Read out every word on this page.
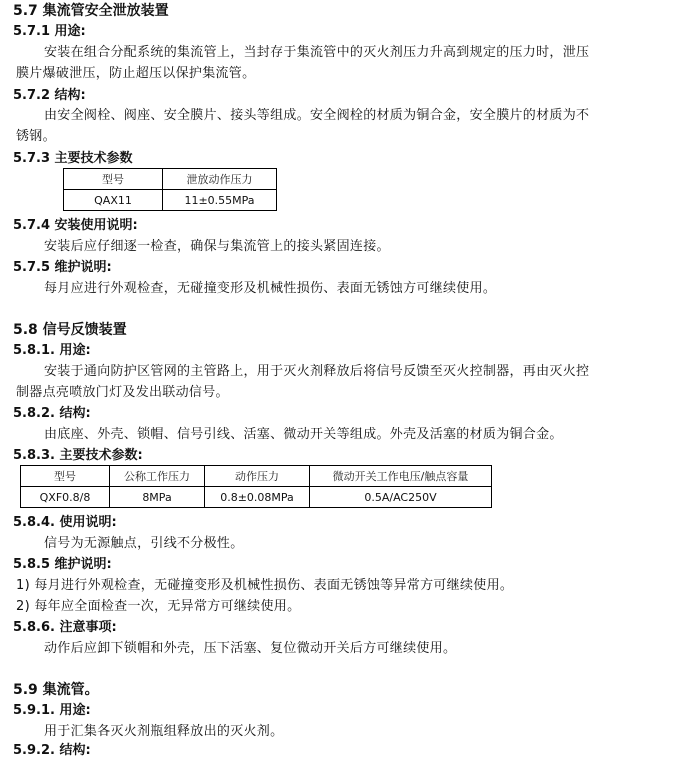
5.7 集流管安全泄放装置
5.7.1 用途:
安装在组合分配系统的集流管上，当封存于集流管中的灭火剂压力升高到规定的压力时，泄压
膜片爆破泄压，防止超压以保护集流管。
5.7.2 结构:
由安全阀栓、阀座、安全膜片、接头等组成。安全阀栓的材质为铜合金，安全膜片的材质为不
锈钢。
5.7.3 主要技术参数
型号	泄放动作压力
QAX11	11±0.55MPa
5.7.4 安装使用说明:
安装后应仔细逐一检查，确保与集流管上的接头紧固连接。
5.7.5 维护说明:
每月应进行外观检查，无碰撞变形及机械性损伤、表面无锈蚀方可继续使用。
5.8 信号反馈装置
5.8.1. 用途:
安装于通向防护区管网的主管路上，用于灭火剂释放后将信号反馈至灭火控制器，再由灭火控
制器点亮喷放门灯及发出联动信号。
5.8.2. 结构:
由底座、外壳、锁帽、信号引线、活塞、微动开关等组成。外壳及活塞的材质为铜合金。
5.8.3. 主要技术参数:
型号	公称工作压力	动作压力	微动开关工作电压/触点容量
QXF0.8/8	8MPa	0.8±0.08MPa	0.5A/AC250V
5.8.4. 使用说明:
信号为无源触点，引线不分极性。
5.8.5 维护说明:
1) 每月进行外观检查，无碰撞变形及机械性损伤、表面无锈蚀等异常方可继续使用。
2) 每年应全面检查一次，无异常方可继续使用。
5.8.6. 注意事项:
动作后应卸下锁帽和外壳，压下活塞、复位微动开关后方可继续使用。
5.9 集流管。
5.9.1. 用途:
用于汇集各灭火剂瓶组释放出的灭火剂。
5.9.2. 结构:
